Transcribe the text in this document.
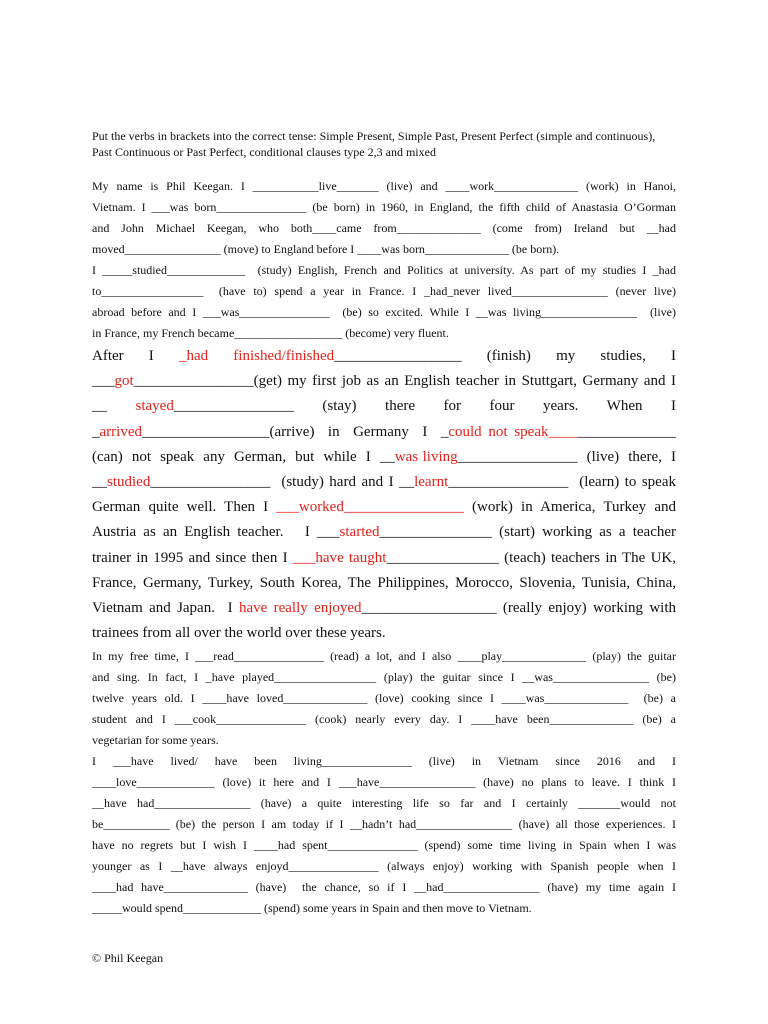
Put the verbs in brackets into the correct tense: Simple Present, Simple Past, Present Perfect (simple and continuous), Past Continuous or Past Perfect, conditional clauses type 2,3 and mixed
My name is Phil Keegan. I ___________live_______ (live) and ____work______________ (work) in Hanoi,
Vietnam. I ___was born_______________ (be born) in 1960, in England, the fifth child of Anastasia O’Gorman
and John Michael Keegan, who both____came from______________ (come from) Ireland but __had
moved________________ (move) to England before I ____was born______________ (be born).
I _____studied_____________  (study) English, French and Politics at university. As part of my studies I _had
to_________________  (have to) spend a year in France. I _had_never lived________________ (never live)
abroad before and I ___was_______________  (be) so excited. While I __was living________________  (live)
in France, my French became__________________ (become) very fluent.
After   I   _had   finished/finished_________________   (finish)   my   studies,   I
___got________________(get) my first job as an English teacher in Stuttgart, Germany and I
__   stayed________________   (stay)   there   for   four   years.   When   I
_arrived_________________(arrive)  in  Germany  I  _could not speak_________________
(can)  not  speak  any  German,  but  while  I  __was living________________  (live)  there,  I
__studied________________  (study) hard and I __learnt________________  (learn) to speak
German quite well. Then I ___worked________________ (work) in America, Turkey and
Austria as an English teacher.   I ___started_______________ (start) working as a teacher
trainer in 1995 and since then I ___have taught_______________ (teach) teachers in The UK,
France, Germany, Turkey, South Korea, The Philippines, Morocco, Slovenia, Tunisia, China,
Vietnam and Japan.  I have really enjoyed__________________ (really enjoy) working with
trainees from all over the world over these years.
In my free time, I ___read_______________ (read) a lot, and I also ____play______________ (play) the guitar
and sing. In fact, I _have played_________________ (play) the guitar since I __was________________ (be)
twelve years old. I ____have loved______________ (love) cooking since I ____was______________  (be) a
student and I ___cook_______________ (cook) nearly every day. I ____have been______________ (be) a
vegetarian for some years.
I   ___have   lived/   have   been   living_______________   (live)   in   Vietnam   since   2016   and   I
____love_____________ (love) it here and I ___have________________ (have) no plans to leave. I think I
__have had________________ (have) a quite interesting life so far and I certainly _______would not
be___________ (be) the person I am today if I __hadn’t had________________ (have) all those experiences. I
have no regrets but I wish I ____had spent_______________ (spend) some time living in Spain when I was
younger as I __have always enjoyd_______________ (always enjoy) working with Spanish people when I
____had have______________ (have)  the chance, so if I __had________________ (have) my time again I
_____would spend_____________ (spend) some years in Spain and then move to Vietnam.
© Phil Keegan
